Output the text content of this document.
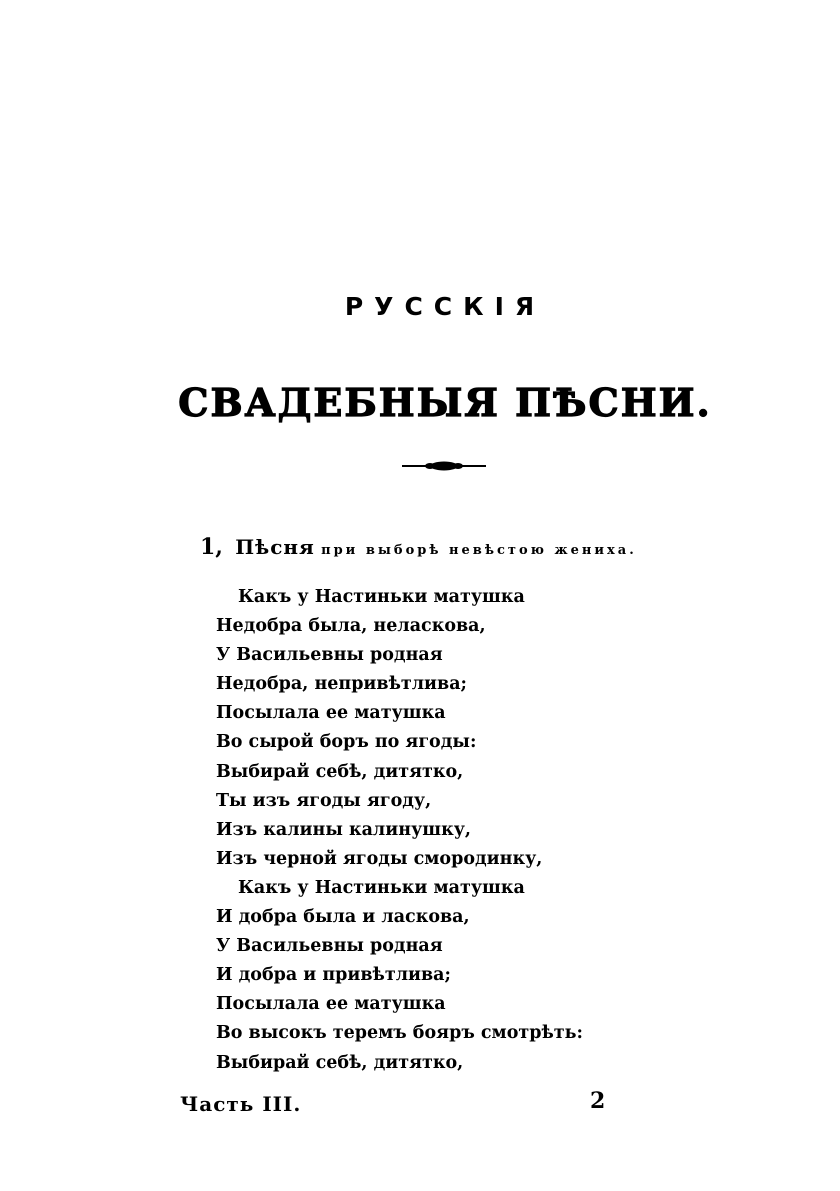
РУССКІЯ
СВАДЕБНЫЯ ПѢСНИ.
1, Пѣсня при выборѣ невѣстою жениха.
Какъ у Настиньки матушка
Недобра была, неласкова,
У Васильевны родная
Недобра, непривѣтлива;
Посылала ее матушка
Во сырой боръ по ягоды:
Выбирай себѣ, дитятко,
Ты изъ ягоды ягоду,
Изъ калины калинушку,
Изъ черной ягоды смородинку,
Какъ у Настиньки матушка
И добра была и ласкова,
У Васильевны родная
И добра и привѣтлива;
Посылала ее матушка
Во высокъ теремъ бояръ смотрѣть:
Выбирай себѣ, дитятко,
Часть III.	2
